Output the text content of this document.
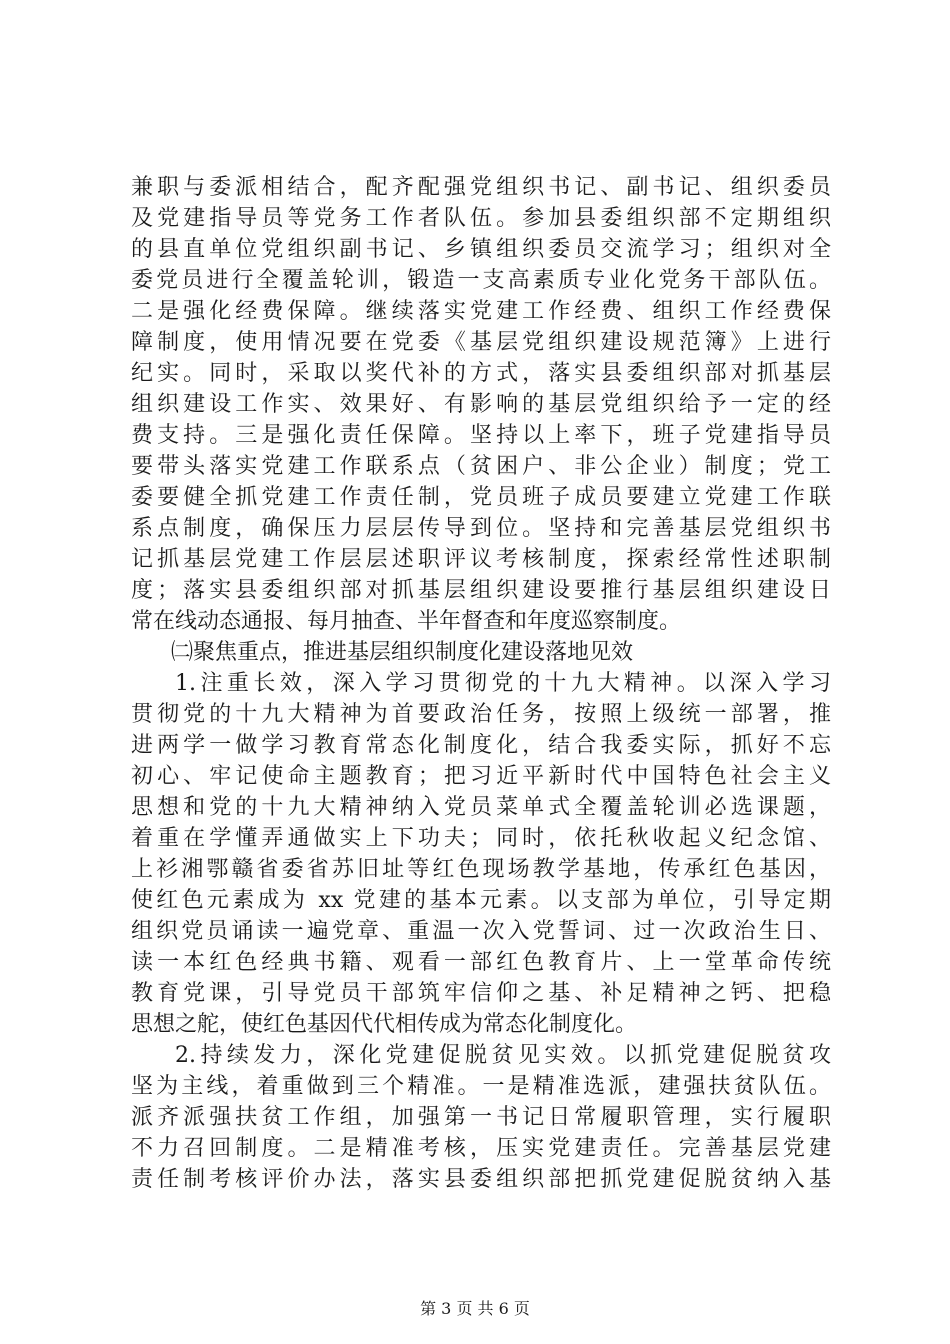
兼职与委派相结合，配齐配强党组织书记、副书记、组织委员
及党建指导员等党务工作者队伍。参加县委组织部不定期组织
的县直单位党组织副书记、乡镇组织委员交流学习；组织对全
委党员进行全覆盖轮训，锻造一支高素质专业化党务干部队伍。
二是强化经费保障。继续落实党建工作经费、组织工作经费保
障制度，使用情况要在党委《基层党组织建设规范簿》上进行
纪实。同时，采取以奖代补的方式，落实县委组织部对抓基层
组织建设工作实、效果好、有影响的基层党组织给予一定的经
费支持。三是强化责任保障。坚持以上率下，班子党建指导员
要带头落实党建工作联系点（贫困户、非公企业）制度；党工
委要健全抓党建工作责任制，党员班子成员要建立党建工作联
系点制度，确保压力层层传导到位。坚持和完善基层党组织书
记抓基层党建工作层层述职评议考核制度，探索经常性述职制
度；落实县委组织部对抓基层组织建设要推行基层组织建设日
常在线动态通报、每月抽查、半年督查和年度巡察制度。
㈡聚焦重点，推进基层组织制度化建设落地见效
1.注重长效，深入学习贯彻党的十九大精神。以深入学习
贯彻党的十九大精神为首要政治任务，按照上级统一部署，推
进两学一做学习教育常态化制度化，结合我委实际，抓好不忘
初心、牢记使命主题教育；把习近平新时代中国特色社会主义
思想和党的十九大精神纳入党员菜单式全覆盖轮训必选课题，
着重在学懂弄通做实上下功夫；同时，依托秋收起义纪念馆、
上衫湘鄂赣省委省苏旧址等红色现场教学基地，传承红色基因，
使红色元素成为 xx 党建的基本元素。以支部为单位，引导定期
组织党员诵读一遍党章、重温一次入党誓词、过一次政治生日、
读一本红色经典书籍、观看一部红色教育片、上一堂革命传统
教育党课，引导党员干部筑牢信仰之基、补足精神之钙、把稳
思想之舵，使红色基因代代相传成为常态化制度化。
2.持续发力，深化党建促脱贫见实效。以抓党建促脱贫攻
坚为主线，着重做到三个精准。一是精准选派，建强扶贫队伍。
派齐派强扶贫工作组，加强第一书记日常履职管理，实行履职
不力召回制度。二是精准考核，压实党建责任。完善基层党建
责任制考核评价办法，落实县委组织部把抓党建促脱贫纳入基
第 3 页 共 6 页
